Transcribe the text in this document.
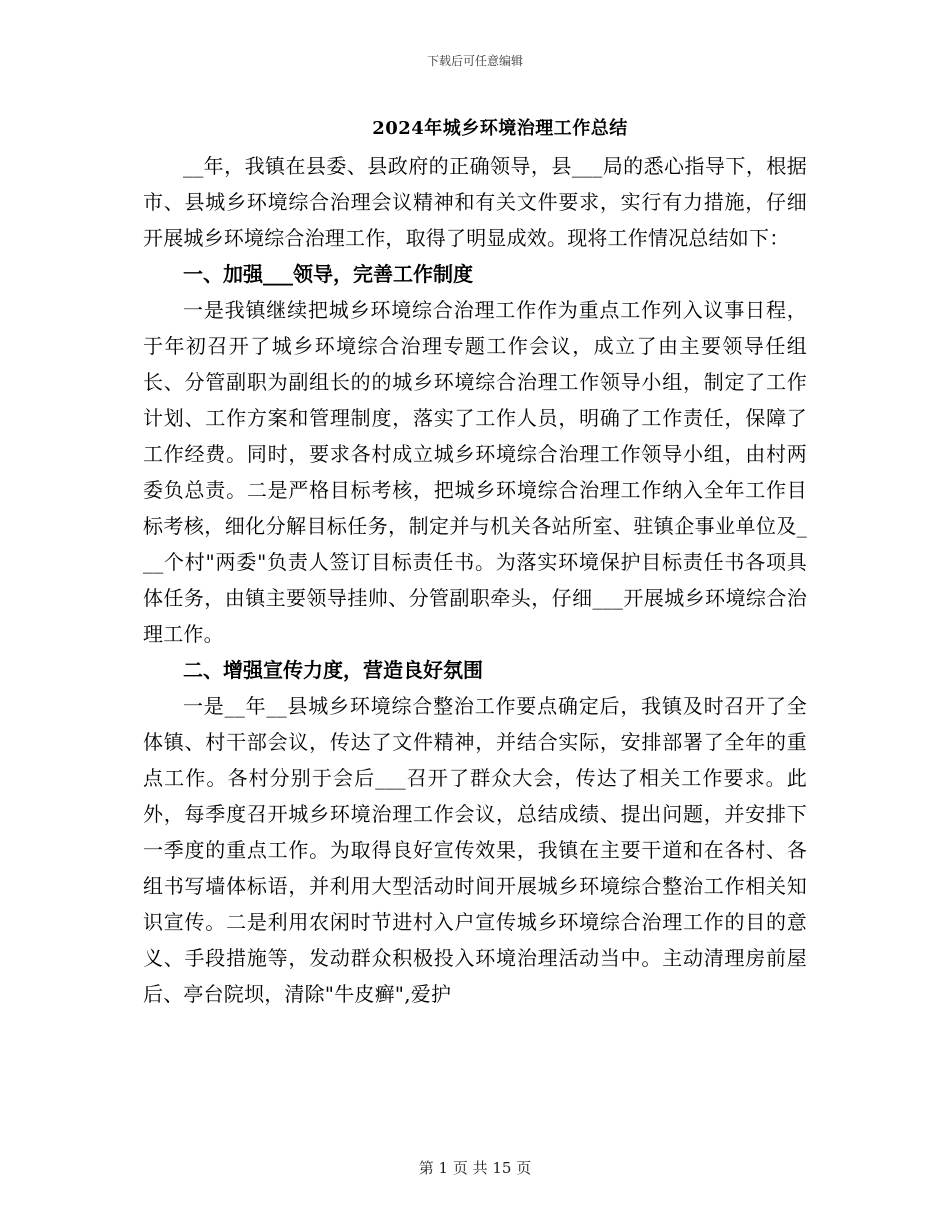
下载后可任意编辑
2024年城乡环境治理工作总结

__年，我镇在县委、县政府的正确领导，县___局的悉心指导下，根据市、县城乡环境综合治理会议精神和有关文件要求，实行有力措施，仔细开展城乡环境综合治理工作，取得了明显成效。现将工作情况总结如下：

一、加强___领导，完善工作制度

一是我镇继续把城乡环境综合治理工作作为重点工作列入议事日程，于年初召开了城乡环境综合治理专题工作会议，成立了由主要领导任组长、分管副职为副组长的的城乡环境综合治理工作领导小组，制定了工作计划、工作方案和管理制度，落实了工作人员，明确了工作责任，保障了工作经费。同时，要求各村成立城乡环境综合治理工作领导小组，由村两委负总责。二是严格目标考核，把城乡环境综合治理工作纳入全年工作目标考核，细化分解目标任务，制定并与机关各站所室、驻镇企事业单位及___个村"两委"负责人签订目标责任书。为落实环境保护目标责任书各项具体任务，由镇主要领导挂帅、分管副职牵头，仔细___开展城乡环境综合治理工作。

二、增强宣传力度，营造良好氛围

一是__年__县城乡环境综合整治工作要点确定后，我镇及时召开了全体镇、村干部会议，传达了文件精神，并结合实际，安排部署了全年的重点工作。各村分别于会后___召开了群众大会，传达了相关工作要求。此外，每季度召开城乡环境治理工作会议，总结成绩、提出问题，并安排下一季度的重点工作。为取得良好宣传效果，我镇在主要干道和在各村、各组书写墙体标语，并利用大型活动时间开展城乡环境综合整治工作相关知识宣传。二是利用农闲时节进村入户宣传城乡环境综合治理工作的目的意义、手段措施等，发动群众积极投入环境治理活动当中。主动清理房前屋后、亭台院坝，清除"牛皮癣",爱护

第 1 页 共 15 页
